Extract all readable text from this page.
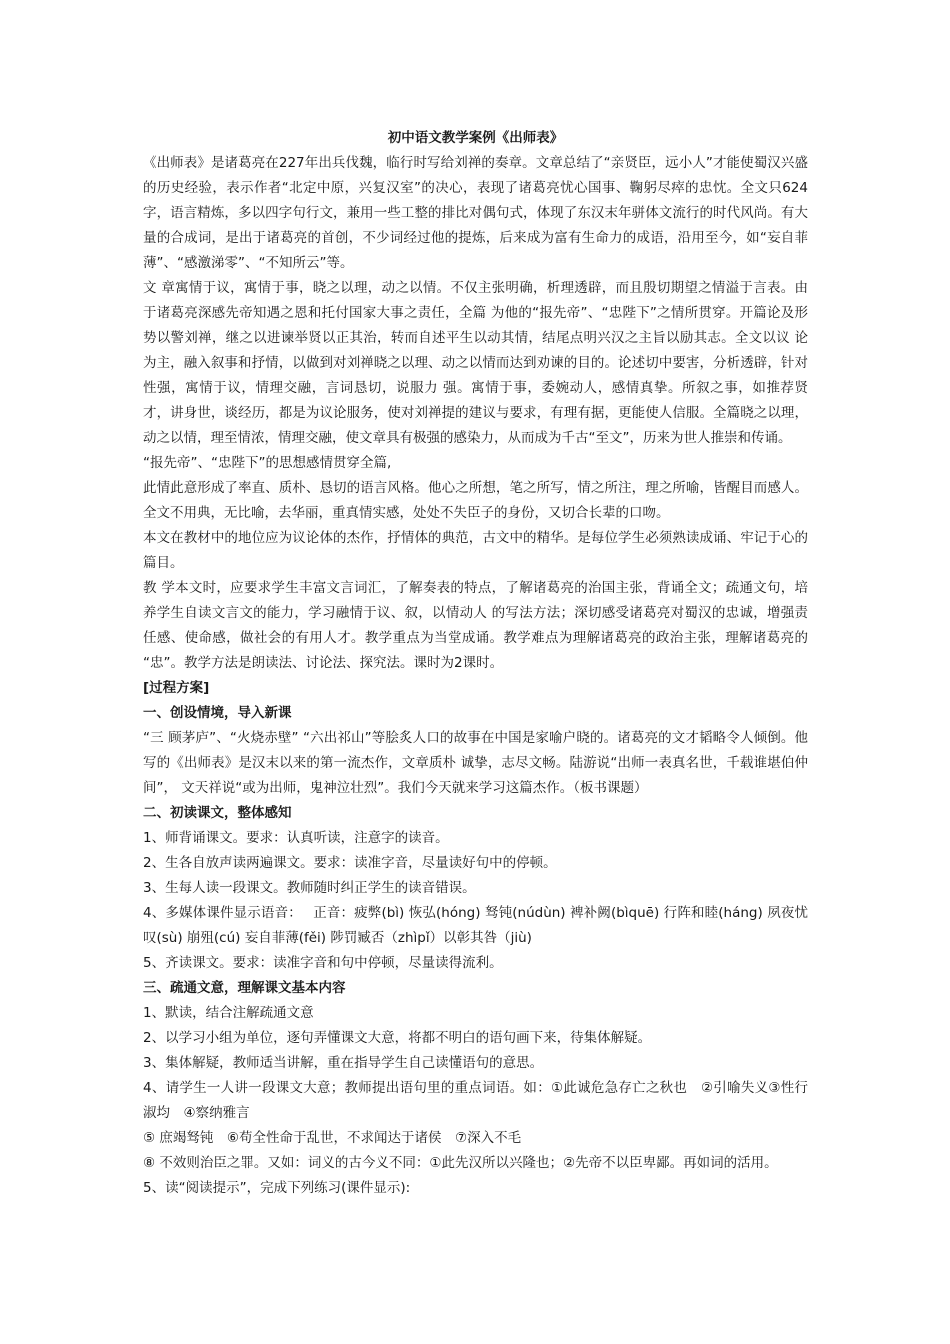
初中语文教学案例《出师表》

《出师表》是诸葛亮在227年出兵伐魏，临行时写给刘禅的奏章。文章总结了“亲贤臣，远小人”才能使蜀汉兴盛的历史经验，表示作者“北定中原，兴复汉室”的决心，表现了诸葛亮忧心国事、鞠躬尽瘁的忠忱。全文只624字，语言精炼，多以四字句行文，兼用一些工整的排比对偶句式，体现了东汉末年骈体文流行的时代风尚。有大量的合成词，是出于诸葛亮的首创，不少词经过他的提炼，后来成为富有生命力的成语，沿用至今，如“妄自菲薄”、“感激涕零”、“不知所云”等。

文 章寓情于议，寓情于事，晓之以理，动之以情。不仅主张明确，析理透辟，而且殷切期望之情溢于言表。由于诸葛亮深感先帝知遇之恩和托付国家大事之责任，全篇 为他的“报先帝”、“忠陛下”之情所贯穿。开篇论及形势以警刘禅，继之以进谏举贤以正其治，转而自述平生以动其情，结尾点明兴汉之主旨以励其志。全文以议 论为主，融入叙事和抒情，以做到对刘禅晓之以理、动之以情而达到劝谏的目的。论述切中要害，分析透辟，针对性强，寓情于议，情理交融，言词恳切，说服力 强。寓情于事，委婉动人，感情真挚。所叙之事，如推荐贤才，讲身世，谈经历，都是为议论服务，使对刘禅提的建议与要求，有理有据，更能使人信服。全篇晓之以理，动之以情，理至情浓，情理交融，使文章具有极强的感染力，从而成为千古“至文”，历来为世人推崇和传诵。

“报先帝”、“忠陛下”的思想感情贯穿全篇,

此情此意形成了率直、质朴、恳切的语言风格。他心之所想，笔之所写，情之所注，理之所喻，皆醒目而感人。全文不用典，无比喻，去华丽，重真情实感，处处不失臣子的身份，又切合长辈的口吻。

本文在教材中的地位应为议论体的杰作，抒情体的典范，古文中的精华。是每位学生必须熟读成诵、牢记于心的篇目。

教 学本文时，应要求学生丰富文言词汇，了解奏表的特点，了解诸葛亮的治国主张，背诵全文；疏通文句，培养学生自读文言文的能力，学习融情于议、叙，以情动人 的写法方法；深切感受诸葛亮对蜀汉的忠诚，增强责任感、使命感，做社会的有用人才。教学重点为当堂成诵。教学难点为理解诸葛亮的政治主张，理解诸葛亮的 “忠”。教学方法是朗读法、讨论法、探究法。课时为2课时。

[过程方案]

一、创设情境，导入新课

“三 顾茅庐”、“火烧赤壁” “六出祁山”等脍炙人口的故事在中国是家喻户晓的。诸葛亮的文才韬略令人倾倒。他写的《出师表》是汉末以来的第一流杰作，文章质朴 诚挚，志尽文畅。陆游说“出师一表真名世，千载谁堪伯仲间”， 文天祥说“或为出师，鬼神泣壮烈”。我们今天就来学习这篇杰作。（板书课题）

二、初读课文，整体感知

1、师背诵课文。要求：认真听读，注意字的读音。

2、生各自放声读两遍课文。要求：读准字音，尽量读好句中的停顿。

3、生每人读一段课文。教师随时纠正学生的读音错误。

4、多媒体课件显示语音：　 正音：疲弊(bì) 恢弘(hóng) 驽钝(núdùn) 裨补阙(bìquē) 行阵和睦(háng) 夙夜忧叹(sù) 崩殂(cú) 妄自菲薄(fěi) 陟罚臧否（zhìpǐ）以彰其咎（jiù)

5、齐读课文。要求：读准字音和句中停顿，尽量读得流利。

三、疏通文意，理解课文基本内容

1、默读，结合注解疏通文意

2、以学习小组为单位，逐句弄懂课文大意，将都不明白的语句画下来，待集体解疑。

3、集体解疑，教师适当讲解，重在指导学生自己读懂语句的意思。

4、请学生一人讲一段课文大意；教师提出语句里的重点词语。如：①此诚危急存亡之秋也　②引喻失义③性行淑均　④察纳雅言

⑤ 庶竭驽钝　⑥苟全性命于乱世，不求闻达于诸侯　⑦深入不毛

⑧ 不效则治臣之罪。又如：词义的古今义不同：①此先汉所以兴隆也；②先帝不以臣卑鄙。再如词的活用。

5、读“阅读提示”，完成下列练习(课件显示):
